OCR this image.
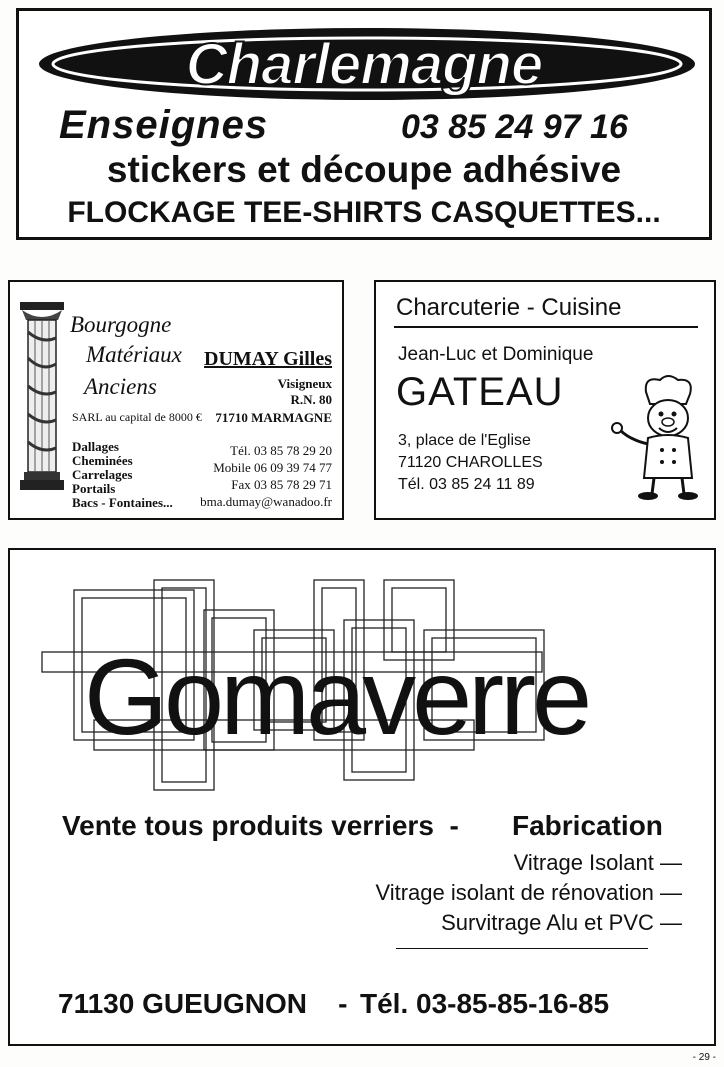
Charlemagne
Enseignes	03 85 24 97 16
stickers et découpe adhésive
FLOCKAGE TEE-SHIRTS CASQUETTES...
Bourgogne
Matériaux
Anciens
SARL au capital de 8000 €
DUMAY Gilles
Visigneux
R.N. 80
71710 MARMAGNE
Dallages
Cheminées
Carrelages
Portails
Bacs - Fontaines...
Tél. 03 85 78 29 20
Mobile 06 09 39 74 77
Fax 03 85 78 29 71
bma.dumay@wanadoo.fr
Charcuterie - Cuisine
Jean-Luc et Dominique
GATEAU
3, place de l'Eglise
71120 CHAROLLES
Tél. 03 85 24 11 89
Gomaverre
Vente tous produits verriers - Fabrication
Vitrage Isolant —
Vitrage isolant de rénovation —
Survitrage Alu et PVC —
71130 GUEUGNON - Tél. 03-85-85-16-85
- 29 -
